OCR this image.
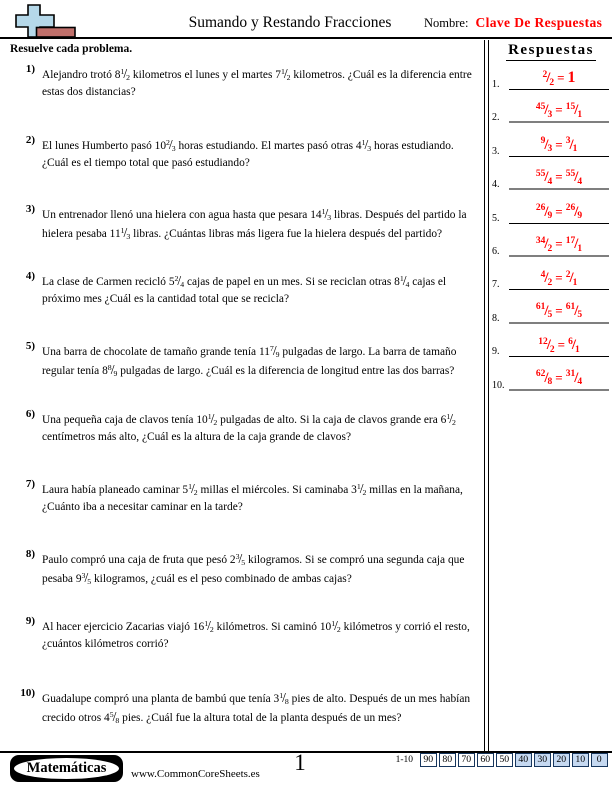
Sumando y Restando Fracciones	Nombre: Clave De Respuestas
Resuelve cada problema.	Respuestas
1.
$^2$/2 = 1
2.
$^{45}$/3 = $^{15}$/1
3.
$^9$/3 = $^3$/1
4.
$^{55}$/4 = $^{55}$/4
5.
$^{26}$/9 = $^{26}$/9
6.
$^{34}$/2 = $^{17}$/1
7.
$^4$/2 = $^2$/1
8.
$^{61}$/5 = $^{61}$/5
9.
$^{12}$/2 = $^6$/1
10.
$^{62}$/8 = $^{31}$/4
1) Alejandro trotó 8$^1$/2 kilometros el lunes y el martes 7$^1$/2 kilometros. ¿Cuál es la diferencia entre estas dos distancias?
2) El lunes Humberto pasó 10$^2$/3 horas estudiando. El martes pasó otras 4$^1$/3 horas estudiando. ¿Cuál es el tiempo total que pasó estudiando?
3) Un entrenador llenó una hielera con agua hasta que pesara 14$^1$/3 libras. Después del partido la hielera pesaba 11$^1$/3 libras. ¿Cuántas libras más ligera fue la hielera después del partido?
4) La clase de Carmen recicló 5$^2$/4 cajas de papel en un mes. Si se reciclan otras 8$^1$/4 cajas el próximo mes ¿Cuál es la cantidad total que se recicla?
5) Una barra de chocolate de tamaño grande tenía 11$^7$/9 pulgadas de largo. La barra de tamaño regular tenía 8$^8$/9 pulgadas de largo. ¿Cuál es la diferencia de longitud entre las dos barras?
6) Una pequeña caja de clavos tenía 10$^1$/2 pulgadas de alto. Si la caja de clavos grande era 6$^1$/2 centímetros más alto, ¿Cuál es la altura de la caja grande de clavos?
7) Laura había planeado caminar 5$^1$/2 millas el miércoles. Si caminaba 3$^1$/2 millas en la mañana, ¿Cuánto iba a necesitar caminar en la tarde?
8) Paulo compró una caja de fruta que pesó 2$^3$/5 kilogramos. Si se compró una segunda caja que pesaba 9$^3$/5 kilogramos, ¿cuál es el peso combinado de ambas cajas?
9) Al hacer ejercicio Zacarias viajó 16$^1$/2 kilómetros. Si caminó 10$^1$/2 kilómetros y corrió el resto, ¿cuántos kilómetros corrió?
10) Guadalupe compró una planta de bambú que tenía 3$^1$/8 pies de alto. Después de un mes habían crecido otros 4$^5$/8 pies. ¿Cuál fue la altura total de la planta después de un mes?
Matemáticas	www.CommonCoreSheets.es	1	1-10	90 80 70 60 50 40 30 20 10	0
